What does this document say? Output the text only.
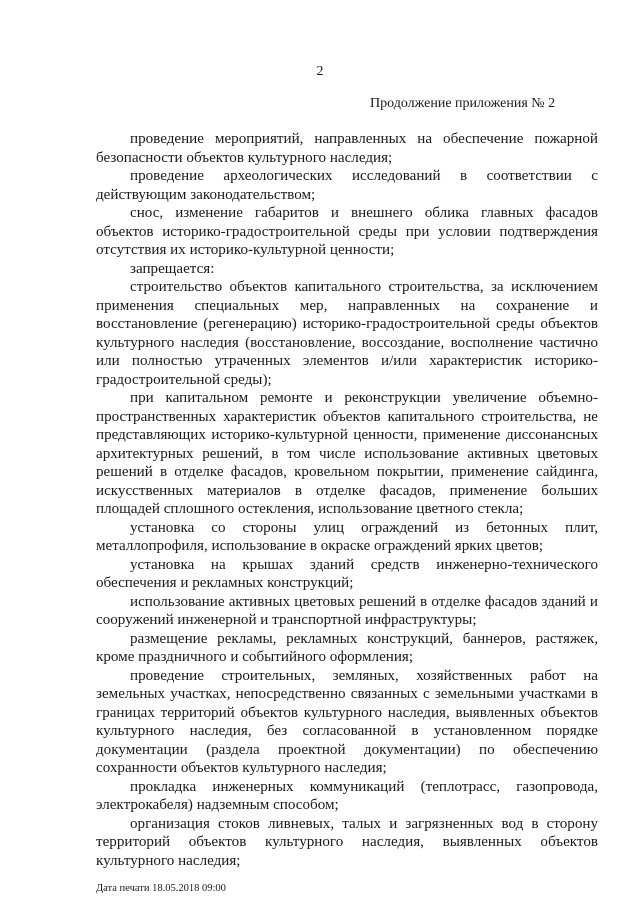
2
Продолжение приложения № 2

проведение мероприятий, направленных на обеспечение пожарной безопасности объектов культурного наследия;

проведение археологических исследований в соответствии с действующим законодательством;

снос, изменение габаритов и внешнего облика главных фасадов объектов историко-градостроительной среды при условии подтверждения отсутствия их историко-культурной ценности;

запрещается:

строительство объектов капитального строительства, за исключением применения специальных мер, направленных на сохранение и восстановление (регенерацию) историко-градостроительной среды объектов культурного наследия (восстановление, воссоздание, восполнение частично или полностью утраченных элементов и/или характеристик историко-градостроительной среды);

при капитальном ремонте и реконструкции увеличение объемно-пространственных характеристик объектов капитального строительства, не представляющих историко-культурной ценности, применение диссонансных архитектурных решений, в том числе использование активных цветовых решений в отделке фасадов, кровельном покрытии, применение сайдинга, искусственных материалов в отделке фасадов, применение больших площадей сплошного остекления, использование цветного стекла;

установка со стороны улиц ограждений из бетонных плит, металлопрофиля, использование в окраске ограждений ярких цветов;

установка на крышах зданий средств инженерно-технического обеспечения и рекламных конструкций;

использование активных цветовых решений в отделке фасадов зданий и сооружений инженерной и транспортной инфраструктуры;

размещение рекламы, рекламных конструкций, баннеров, растяжек, кроме праздничного и событийного оформления;

проведение строительных, земляных, хозяйственных работ на земельных участках, непосредственно связанных с земельными участками в границах территорий объектов культурного наследия, выявленных объектов культурного наследия, без согласованной в установленном порядке документации (раздела проектной документации) по обеспечению сохранности объектов культурного наследия;

прокладка инженерных коммуникаций (теплотрасс, газопровода, электрокабеля) надземным способом;

организация стоков ливневых, талых и загрязненных вод в сторону территорий объектов культурного наследия, выявленных объектов культурного наследия;

Дата печати 18.05.2018 09:00
